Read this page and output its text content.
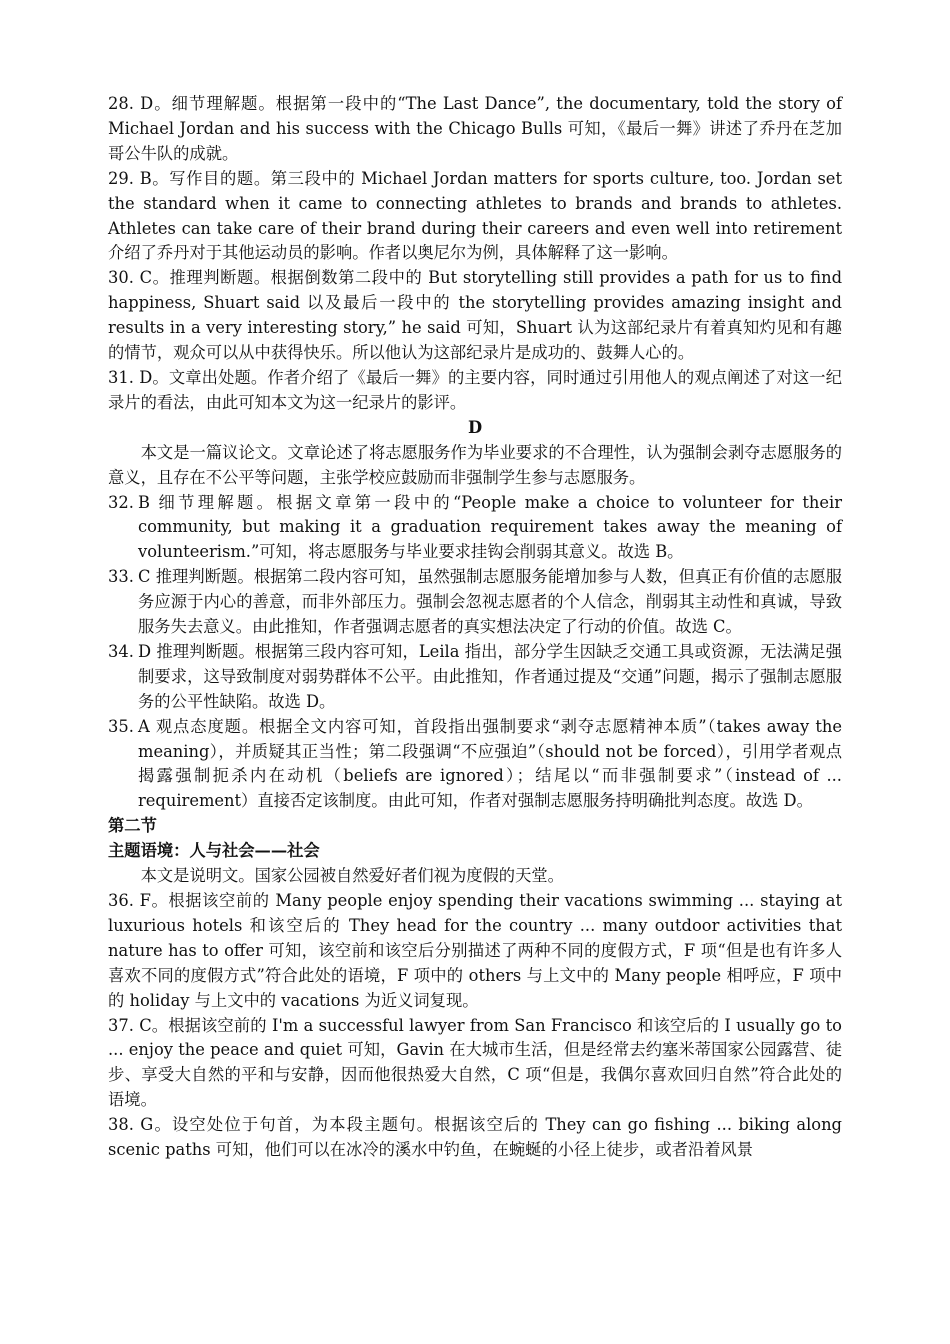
28. D。细节理解题。根据第一段中的“The Last Dance”, the documentary, told the story of Michael Jordan and his success with the Chicago Bulls 可知，《最后一舞》讲述了乔丹在芝加哥公牛队的成就。

29. B。写作目的题。第三段中的 Michael Jordan matters for sports culture, too. Jordan set the standard when it came to connecting athletes to brands and brands to athletes. Athletes can take care of their brand during their careers and even well into retirement 介绍了乔丹对于其他运动员的影响。作者以奥尼尔为例，具体解释了这一影响。

30. C。推理判断题。根据倒数第二段中的 But storytelling still provides a path for us to find happiness, Shuart said 以及最后一段中的 the storytelling provides amazing insight and results in a very interesting story,” he said 可知，Shuart 认为这部纪录片有着真知灼见和有趣的情节，观众可以从中获得快乐。所以他认为这部纪录片是成功的、鼓舞人心的。

31. D。文章出处题。作者介绍了《最后一舞》的主要内容，同时通过引用他人的观点阐述了对这一纪录片的看法，由此可知本文为这一纪录片的影评。

D

本文是一篇议论文。文章论述了将志愿服务作为毕业要求的不合理性，认为强制会剥夺志愿服务的意义，且存在不公平等问题，主张学校应鼓励而非强制学生参与志愿服务。

32. B 细节理解题。根据文章第一段中的“People make a choice to volunteer for their community, but making it a graduation requirement takes away the meaning of volunteerism.”可知，将志愿服务与毕业要求挂钩会削弱其意义。故选 B。
33. C 推理判断题。根据第二段内容可知，虽然强制志愿服务能增加参与人数，但真正有价值的志愿服务应源于内心的善意，而非外部压力。强制会忽视志愿者的个人信念，削弱其主动性和真诚，导致服务失去意义。由此推知，作者强调志愿者的真实想法决定了行动的价值。故选 C。
34. D 推理判断题。根据第三段内容可知，Leila 指出，部分学生因缺乏交通工具或资源，无法满足强制要求，这导致制度对弱势群体不公平。由此推知，作者通过提及“交通”问题，揭示了强制志愿服务的公平性缺陷。故选 D。
35. A 观点态度题。根据全文内容可知，首段指出强制要求“剥夺志愿精神本质”（takes away the meaning），并质疑其正当性；第二段强调“不应强迫”（should not be forced），引用学者观点揭露强制扼杀内在动机（beliefs are ignored）；结尾以“而非强制要求”（instead of ... requirement）直接否定该制度。由此可知，作者对强制志愿服务持明确批判态度。故选 D。

第二节

主题语境：人与社会——社会

本文是说明文。国家公园被自然爱好者们视为度假的天堂。

36. F。根据该空前的 Many people enjoy spending their vacations swimming ... staying at luxurious hotels 和该空后的 They head for the country ... many outdoor activities that nature has to offer 可知，该空前和该空后分别描述了两种不同的度假方式，F 项“但是也有许多人喜欢不同的度假方式”符合此处的语境，F 项中的 others 与上文中的 Many people 相呼应，F 项中的 holiday 与上文中的 vacations 为近义词复现。

37. C。根据该空前的 I'm a successful lawyer from San Francisco 和该空后的 I usually go to ... enjoy the peace and quiet 可知，Gavin 在大城市生活，但是经常去约塞米蒂国家公园露营、徒步、享受大自然的平和与安静，因而他很热爱大自然，C 项“但是，我偶尔喜欢回归自然”符合此处的语境。

38. G。设空处位于句首，为本段主题句。根据该空后的 They can go fishing ... biking along scenic paths 可知，他们可以在冰冷的溪水中钓鱼，在蜿蜒的小径上徒步，或者沿着风景
